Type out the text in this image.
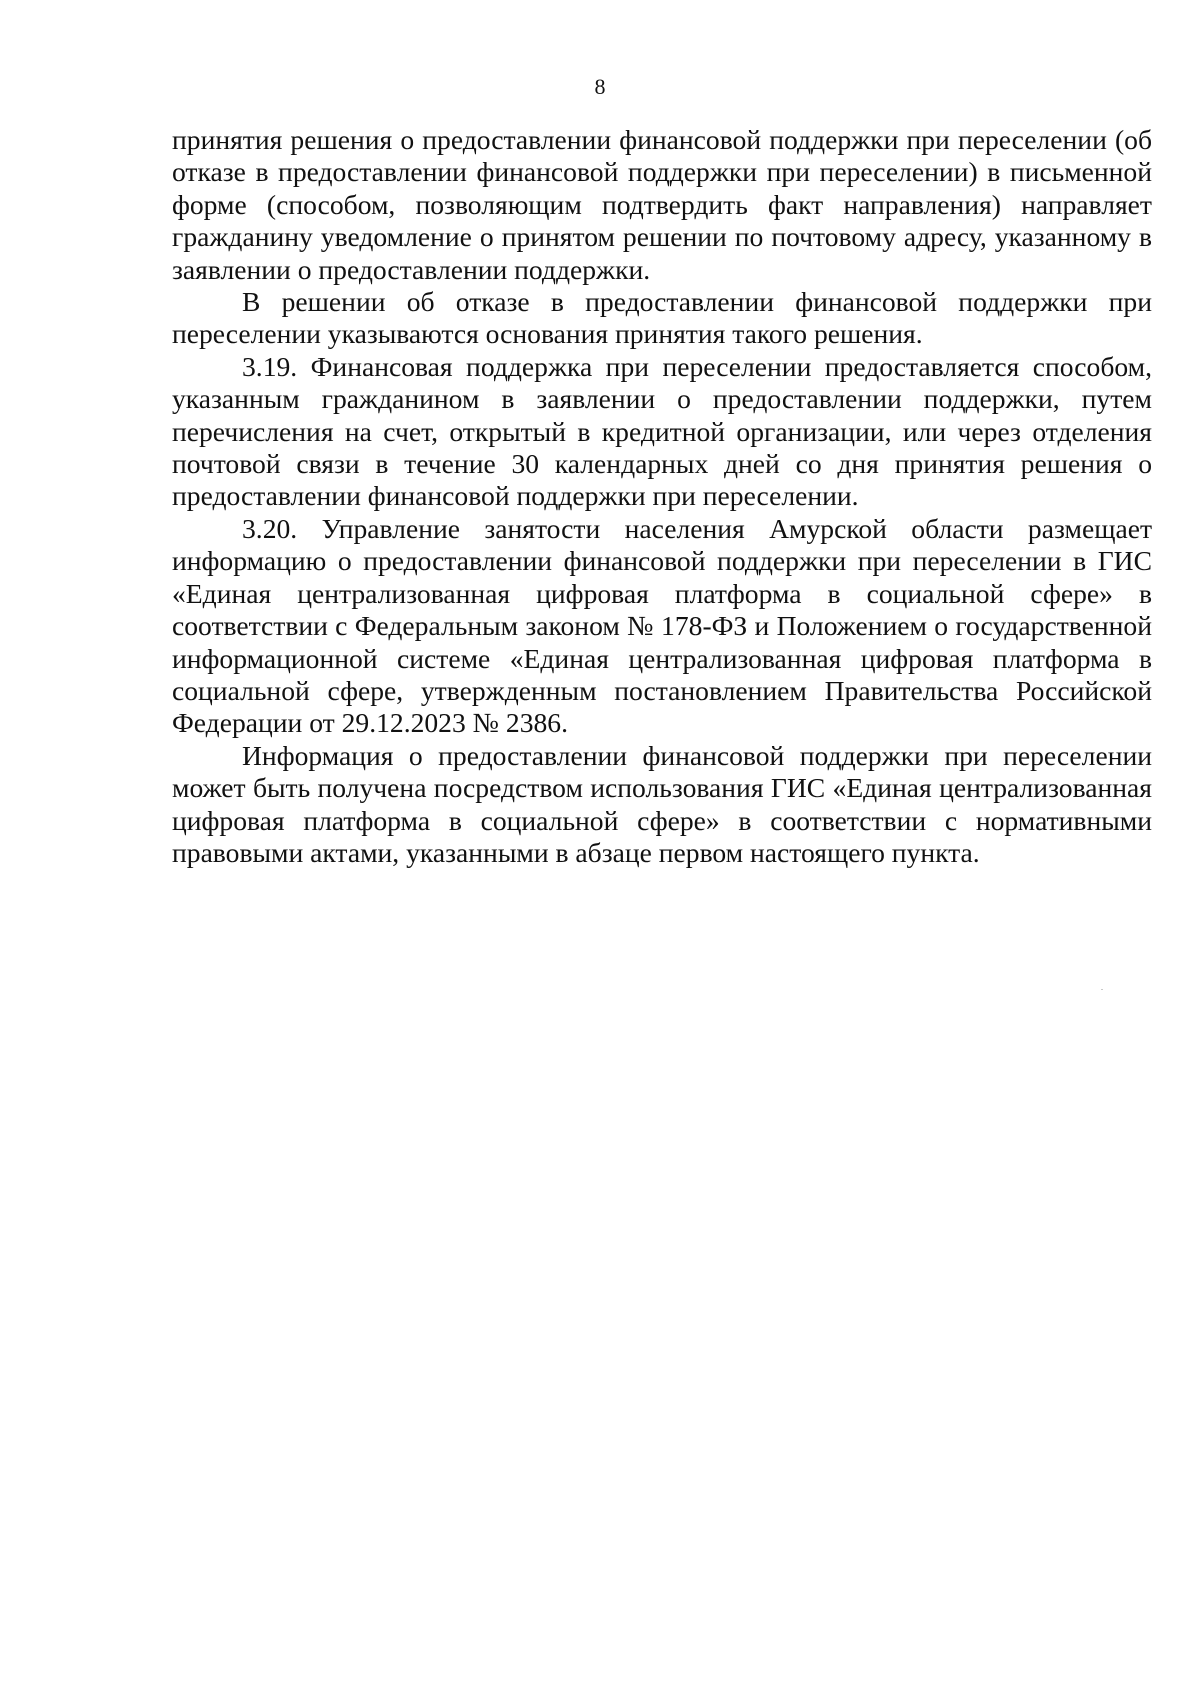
8

принятия решения о предоставлении финансовой поддержки при переселении (об отказе в предоставлении финансовой поддержки при переселении) в письменной форме (способом, позволяющим подтвердить факт направления) направляет гражданину уведомление о принятом решении по почтовому адресу, указанному в заявлении о предоставлении поддержки.

В решении об отказе в предоставлении финансовой поддержки при переселении указываются основания принятия такого решения.

3.19. Финансовая поддержка при переселении предоставляется способом, указанным гражданином в заявлении о предоставлении поддержки, путем перечисления на счет, открытый в кредитной организации, или через отделения почтовой связи в течение 30 календарных дней со дня принятия решения о предоставлении финансовой поддержки при переселении.

3.20. Управление занятости населения Амурской области размещает информацию о предоставлении финансовой поддержки при переселении в ГИС «Единая централизованная цифровая платформа в социальной сфере» в соответствии с Федеральным законом № 178-ФЗ и Положением о государственной информационной системе «Единая централизованная цифровая платформа в социальной сфере, утвержденным постановлением Правительства Российской Федерации от 29.12.2023 № 2386.

Информация о предоставлении финансовой поддержки при переселении может быть получена посредством использования ГИС «Единая централизованная цифровая платформа в социальной сфере» в соответствии с нормативными правовыми актами, указанными в абзаце первом настоящего пункта.
